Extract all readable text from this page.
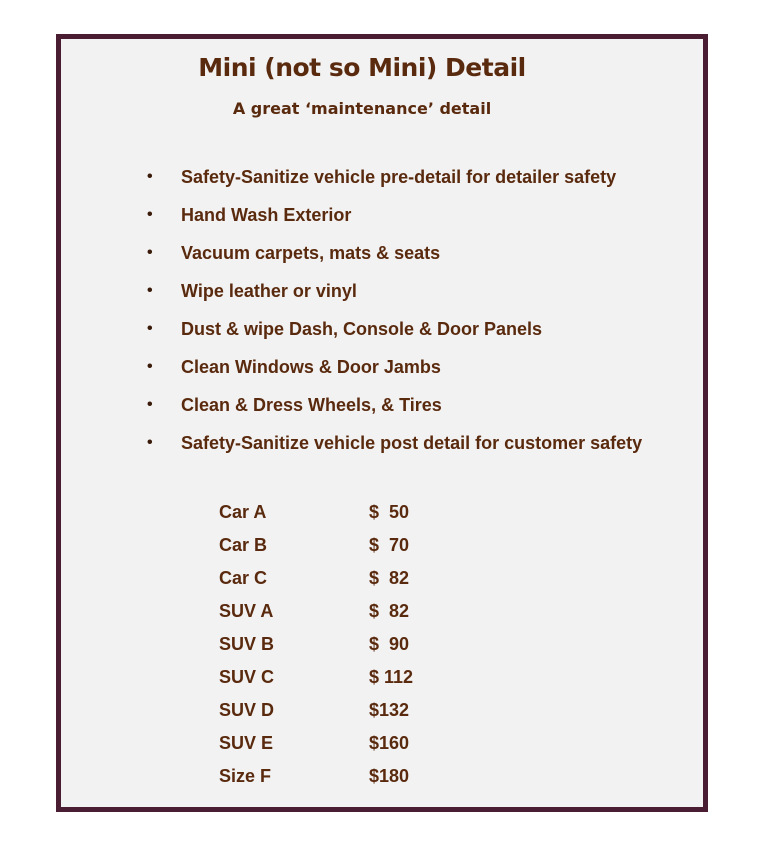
Mini (not so Mini) Detail
A great ‘maintenance’ detail
•	Safety-Sanitize vehicle pre-detail for detailer safety
•	Hand Wash Exterior
•	Vacuum carpets, mats & seats
•	Wipe leather or vinyl
•	Dust & wipe Dash, Console & Door Panels
•	Clean Windows & Door Jambs
•	Clean & Dress Wheels, & Tires
•	Safety-Sanitize vehicle post detail for customer safety
Car A	$  50
Car B	$  70
Car C	$  82
SUV A	$  82
SUV B	$  90
SUV C	$ 112
SUV D	$132
SUV E	$160
Size F	$180
